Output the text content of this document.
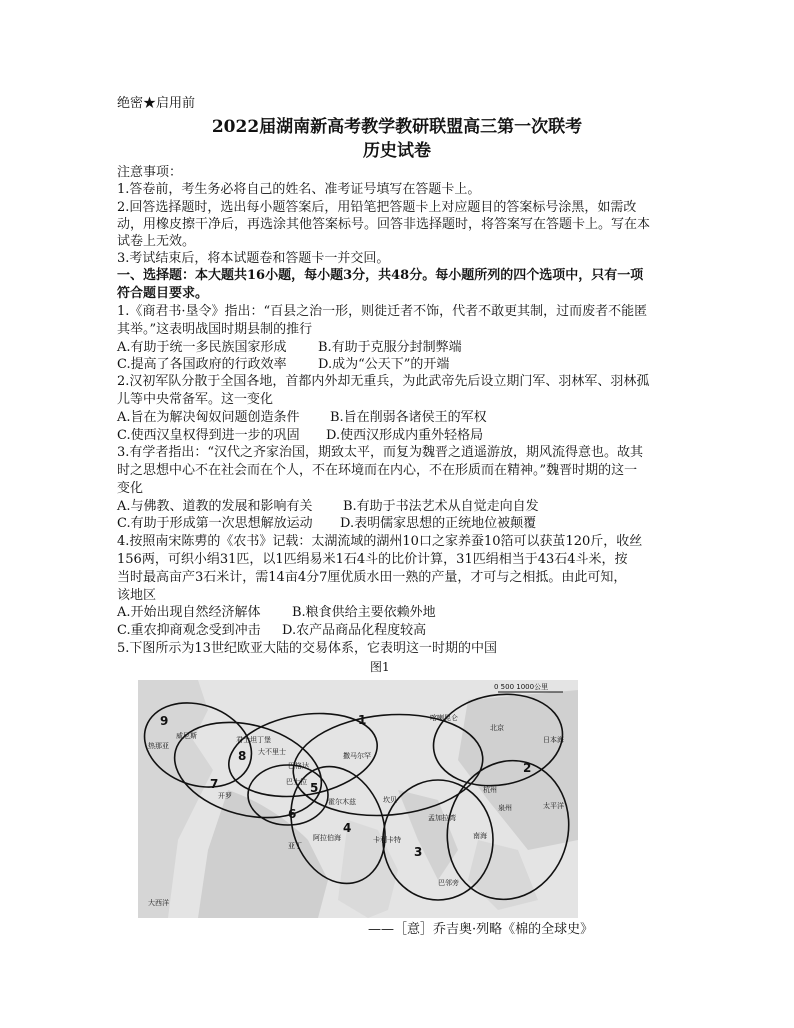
绝密★启用前
2022届湖南新高考教学教研联盟高三第一次联考
历史试卷
注意事项：
1.答卷前，考生务必将自己的姓名、准考证号填写在答题卡上。
2.回答选择题时，选出每小题答案后，用铅笔把答题卡上对应题目的答案标号涂黑，如需改
动，用橡皮擦干净后，再选涂其他答案标号。回答非选择题时，将答案写在答题卡上。写在本
试卷上无效。
3.考试结束后，将本试题卷和答题卡一并交回。
一、选择题：本大题共16小题，每小题3分，共48分。每小题所列的四个选项中，只有一项
符合题目要求。
1.《商君书·垦令》指出：“百县之治一形，则徙迁者不饰，代者不敢更其制，过而废者不能匿
其举。”这表明战国时期县制的推行
A.有助于统一多民族国家形成 B.有助于克服分封制弊端
C.提高了各国政府的行政效率 D.成为“公天下”的开端
2.汉初军队分散于全国各地，首都内外却无重兵，为此武帝先后设立期门军、羽林军、羽林孤
儿等中央常备军。这一变化
A.旨在为解决匈奴问题创造条件 B.旨在削弱各诸侯王的军权
C.使西汉皇权得到进一步的巩固 D.使西汉形成内重外轻格局
3.有学者指出：“汉代之齐家治国，期致太平，而复为魏晋之逍遥游放，期风流得意也。故其
时之思想中心不在社会而在个人，不在环境而在内心，不在形质而在精神。”魏晋时期的这一
变化
A.与佛教、道教的发展和影响有关 B.有助于书法艺术从自觉走向自发
C.有助于形成第一次思想解放运动 D.表明儒家思想的正统地位被颠覆
4.按照南宋陈旉的《农书》记载：太湖流域的湖州10口之家养蚕10箔可以获茧120斤，收丝
156两，可织小绢31匹，以1匹绢易米1石4斗的比价计算，31匹绢相当于43石4斗米，按
当时最高亩产3石米计，需14亩4分7厘优质水田一熟的产量，才可与之相抵。由此可知，
该地区
A.开始出现自然经济解体 B.粮食供给主要依赖外地
C.重农抑商观念受到冲击 D.农产品商品化程度较高
5.下图所示为13世纪欧亚大陆的交易体系，它表明这一时期的中国
图1
0 500 1000公里
9
8
7	5
6
4
3
2
1
威尼斯
热那亚
君士坦丁堡
巴格达
喀喇昆仑
撒马尔罕
北京
杭州
泉州
大不里士
开罗
巴士拉
霍尔木兹
亚丁
坎贝
卡利卡特
巴邻旁
阿拉伯海
孟加拉湾
南海
太平洋
大西洋
日本海
——［意］乔吉奥·列略《棉的全球史》
